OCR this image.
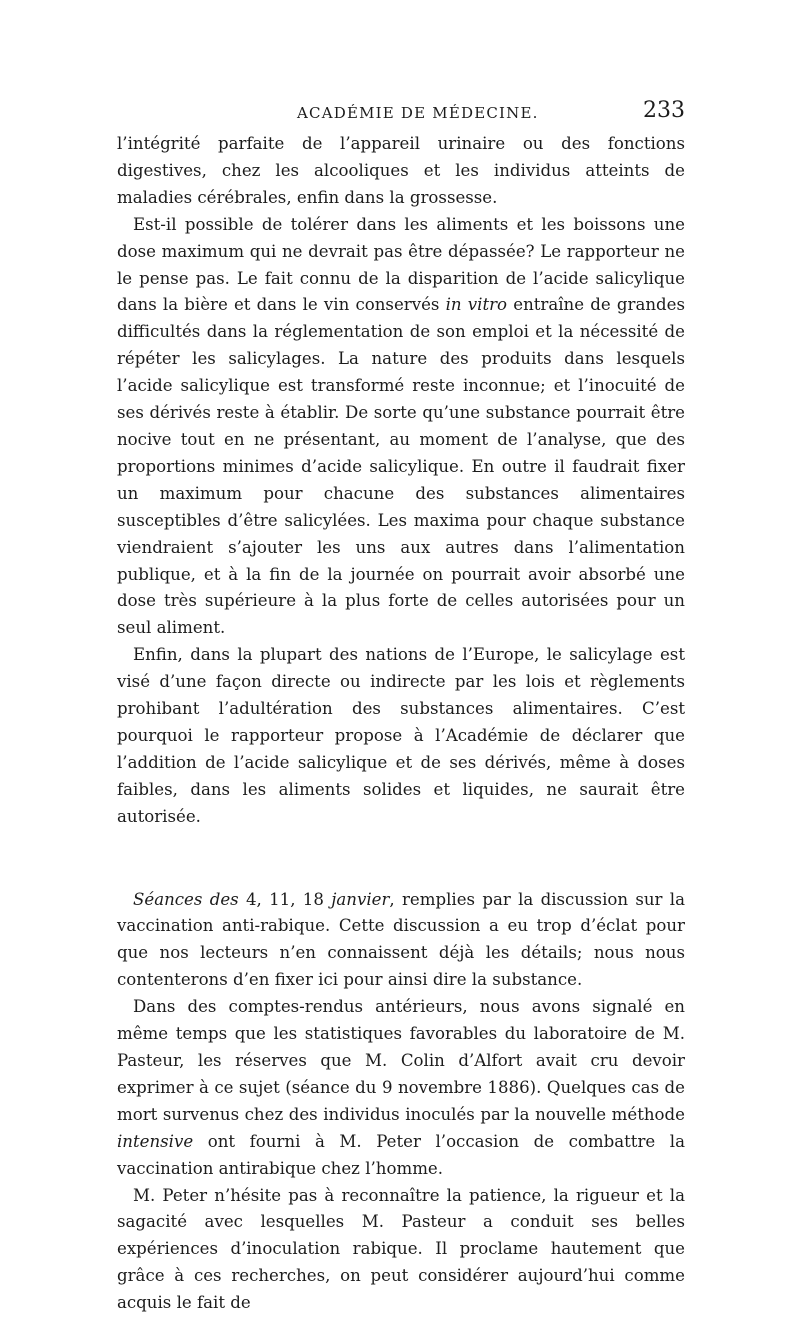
ACADÉMIE DE MÉDECINE.	233

l’intégrité parfaite de l’appareil urinaire ou des fonctions digestives, chez les alcooliques et les individus atteints de maladies cérébrales, enfin dans la grossesse.

Est-il possible de tolérer dans les aliments et les boissons une dose maximum qui ne devrait pas être dépassée? Le rapporteur ne le pense pas. Le fait connu de la disparition de l’acide salicylique dans la bière et dans le vin conservés in vitro entraîne de grandes difficultés dans la réglementation de son emploi et la nécessité de répéter les salicylages. La nature des produits dans lesquels l’acide salicylique est transformé reste inconnue; et l’inocuité de ses dérivés reste à établir. De sorte qu’une substance pourrait être nocive tout en ne présentant, au moment de l’analyse, que des proportions minimes d’acide salicylique. En outre il faudrait fixer un maximum pour chacune des substances alimentaires susceptibles d’être salicylées. Les maxima pour chaque substance viendraient s’ajouter les uns aux autres dans l’alimentation publique, et à la fin de la journée on pourrait avoir absorbé une dose très supérieure à la plus forte de celles autorisées pour un seul aliment.

Enfin, dans la plupart des nations de l’Europe, le salicylage est visé d’une façon directe ou indirecte par les lois et règlements prohibant l’adultération des substances alimentaires. C’est pourquoi le rapporteur propose à l’Académie de déclarer que l’addition de l’acide salicylique et de ses dérivés, même à doses faibles, dans les aliments solides et liquides, ne saurait être autorisée.

Séances des 4, 11, 18 janvier, remplies par la discussion sur la vaccination anti-rabique. Cette discussion a eu trop d’éclat pour que nos lecteurs n’en connaissent déjà les détails; nous nous contenterons d’en fixer ici pour ainsi dire la substance.

Dans des comptes-rendus antérieurs, nous avons signalé en même temps que les statistiques favorables du laboratoire de M. Pasteur, les réserves que M. Colin d’Alfort avait cru devoir exprimer à ce sujet (séance du 9 novembre 1886). Quelques cas de mort survenus chez des individus inoculés par la nouvelle méthode intensive ont fourni à M. Peter l’occasion de combattre la vaccination antirabique chez l’homme.

M. Peter n’hésite pas à reconnaître la patience, la rigueur et la sagacité avec lesquelles M. Pasteur a conduit ses belles expériences d’inoculation rabique. Il proclame hautement que grâce à ces recherches, on peut considérer aujourd’hui comme acquis le fait de
